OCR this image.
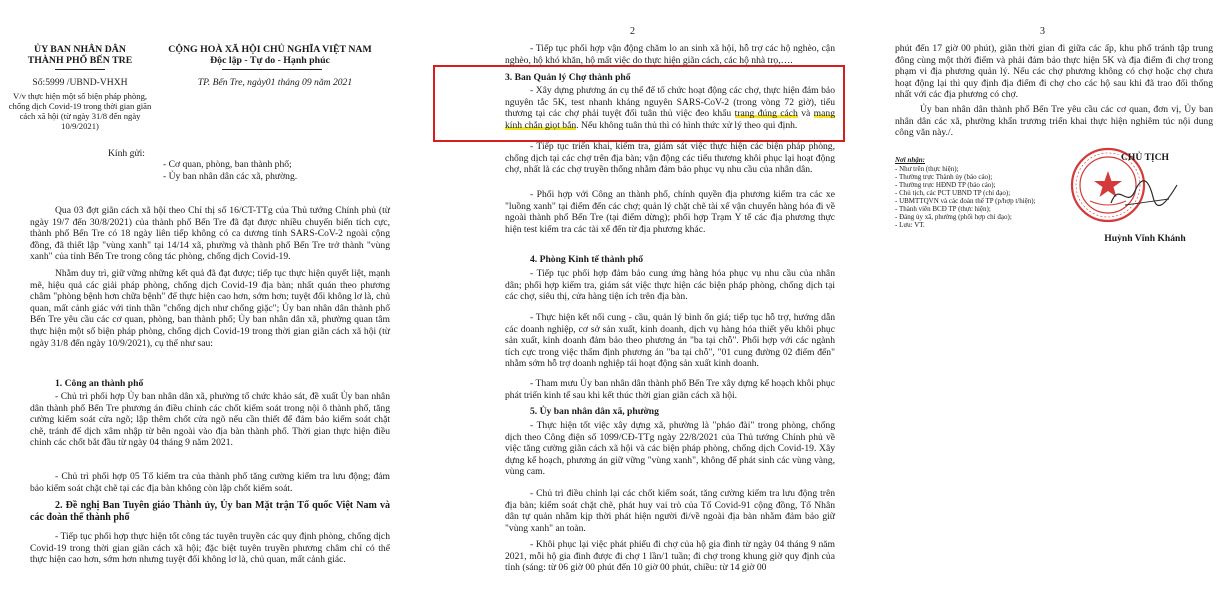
ỦY BAN NHÂN DÂN
THÀNH PHỐ BẾN TRE
CỘNG HOÀ XÃ HỘI CHỦ NGHĨA VIỆT NAM
Độc lập - Tự do - Hạnh phúc
Số:5999 /UBND-VHXH	TP. Bến Tre, ngày01 tháng 09 năm 2021
V/v thực hiện một số biện pháp phòng, chống dịch Covid-19 trong thời gian giãn cách xã hội (từ ngày 31/8 đến ngày 10/9/2021)
Kính gửi:
- Cơ quan, phòng, ban thành phố;
- Ủy ban nhân dân các xã, phường.
Qua 03 đợt giãn cách xã hội theo Chỉ thị số 16/CT-TTg của Thủ tướng Chính phủ (từ ngày 19/7 đến 30/8/2021) của thành phố Bến Tre đã đạt được nhiều chuyển biến tích cực, thành phố Bến Tre có 18 ngày liên tiếp không có ca dương tính SARS-CoV-2 ngoài cộng đồng, đã thiết lập "vùng xanh" tại 14/14 xã, phường và thành phố Bến Tre trở thành "vùng xanh" của tỉnh Bến Tre trong công tác phòng, chống dịch Covid-19.
Nhằm duy trì, giữ vững những kết quả đã đạt được; tiếp tục thực hiện quyết liệt, mạnh mẽ, hiệu quả các giải pháp phòng, chống dịch Covid-19 địa bàn; nhất quán theo phương châm "phòng bệnh hơn chữa bệnh" để thực hiện cao hơn, sớm hơn; tuyệt đối không lơ là, chủ quan, mất cảnh giác với tinh thần "chống dịch như chống giặc"; Ủy ban nhân dân thành phố Bến Tre yêu cầu các cơ quan, phòng, ban thành phố; Ủy ban nhân dân xã, phường quan tâm thực hiện một số biện pháp phòng, chống dịch Covid-19 trong thời gian giãn cách xã hội (từ ngày 31/8 đến ngày 10/9/2021), cụ thể như sau:
1. Công an thành phố
- Chủ trì phối hợp Ủy ban nhân dân xã, phường tổ chức khảo sát, đề xuất Ủy ban nhân dân thành phố Bến Tre phương án điều chỉnh các chốt kiểm soát trong nội ô thành phố, tăng cường kiểm soát cửa ngõ; lập thêm chốt cửa ngõ nếu cần thiết để đảm bảo kiểm soát chặt chẽ, tránh để dịch xâm nhập từ bên ngoài vào địa bàn thành phố. Thời gian thực hiện điều chỉnh các chốt bắt đầu từ ngày 04 tháng 9 năm 2021.
- Chủ trì phối hợp 05 Tổ kiểm tra của thành phố tăng cường kiểm tra lưu động; đảm bảo kiểm soát chặt chẽ tại các địa bàn không còn lập chốt kiểm soát.
2. Đề nghị Ban Tuyên giáo Thành ủy, Ủy ban Mặt trận Tổ quốc Việt Nam và các đoàn thể thành phố
- Tiếp tục phối hợp thực hiện tốt công tác tuyên truyền các quy định phòng, chống dịch Covid-19 trong thời gian giãn cách xã hội; đặc biệt tuyên truyền phương châm chỉ có thể thực hiện cao hơn, sớm hơn nhưng tuyệt đối không lơ là, chủ quan, mất cảnh giác.
2
- Tiếp tục phối hợp vận động chăm lo an sinh xã hội, hỗ trợ các hộ nghèo, cận nghèo, hộ khó khăn, hộ mất việc do thực hiện giãn cách, các hộ nhà trọ,….
3. Ban Quản lý Chợ thành phố
- Xây dựng phương án cụ thể để tổ chức hoạt động các chợ, thực hiện đảm bảo nguyên tắc 5K, test nhanh kháng nguyên SARS-CoV-2 (trong vòng 72 giờ), tiểu thương tại các chợ phải tuyệt đối tuân thủ việc đeo khẩu trang đúng cách và mang kính chắn giọt bắn. Nếu không tuân thủ thì có hình thức xử lý theo qui định.
- Tiếp tục triển khai, kiểm tra, giám sát việc thực hiện các biện pháp phòng, chống dịch tại các chợ trên địa bàn; vận động các tiểu thương khôi phục lại hoạt động chợ, nhất là các chợ truyền thống nhằm đảm bảo phục vụ nhu cầu của nhân dân.
- Phối hợp với Công an thành phố, chính quyền địa phương kiểm tra các xe "luồng xanh" tại điểm đến các chợ; quản lý chặt chẽ tài xế vận chuyển hàng hóa đi về ngoài thành phố Bến Tre (tại điểm dừng); phối hợp Trạm Y tế các địa phương thực hiện test kiểm tra các tài xế đến từ địa phương khác.
4. Phòng Kinh tế thành phố
- Tiếp tục phối hợp đảm bảo cung ứng hàng hóa phục vụ nhu cầu của nhân dân; phối hợp kiểm tra, giám sát việc thực hiện các biện pháp phòng, chống dịch tại các chợ, siêu thị, cửa hàng tiện ích trên địa bàn.
- Thực hiện kết nối cung - cầu, quản lý bình ổn giá; tiếp tục hỗ trợ, hướng dẫn các doanh nghiệp, cơ sở sản xuất, kinh doanh, dịch vụ hàng hóa thiết yếu khôi phục sản xuất, kinh doanh đảm bảo theo phương án "ba tại chỗ". Phối hợp với các ngành tích cực trong việc thẩm định phương án "ba tại chỗ", "01 cung đường 02 điểm đến" nhằm sớm hỗ trợ doanh nghiệp tái hoạt động sản xuất kinh doanh.
- Tham mưu Ủy ban nhân dân thành phố Bến Tre xây dựng kế hoạch khôi phục phát triển kinh tế sau khi kết thúc thời gian giãn cách xã hội.
5. Ủy ban nhân dân xã, phường
- Thực hiện tốt việc xây dựng xã, phường là "pháo đài" trong phòng, chống dịch theo Công điện số 1099/CĐ-TTg ngày 22/8/2021 của Thủ tướng Chính phủ về việc tăng cường giãn cách xã hội và các biện pháp phòng, chống dịch Covid-19. Xây dựng kế hoạch, phương án giữ vững "vùng xanh", không để phát sinh các vùng vàng, vùng cam.
- Chủ trì điều chỉnh lại các chốt kiểm soát, tăng cường kiểm tra lưu động trên địa bàn; kiểm soát chặt chẽ, phát huy vai trò của Tổ Covid-91 cộng đồng, Tổ Nhân dân tự quản nhằm kịp thời phát hiện người đi/về ngoài địa bàn nhằm đảm bảo giữ "vùng xanh" an toàn.
- Khôi phục lại việc phát phiếu đi chợ của hộ gia đình từ ngày 04 tháng 9 năm 2021, mỗi hộ gia đình được đi chợ 1 lần/1 tuần; đi chợ trong khung giờ quy định của tỉnh (sáng: từ 06 giờ 00 phút đến 10 giờ 00 phút, chiều: từ 14 giờ 00
3
phút đến 17 giờ 00 phút), giãn thời gian đi giữa các ấp, khu phố tránh tập trung đông cùng một thời điểm và phải đảm bảo thực hiện 5K và địa điểm đi chợ trong phạm vi địa phương quản lý. Nếu các chợ phương không có chợ hoặc chợ chưa hoạt động lại thì quy định địa điểm đi chợ cho các hộ sau khi đã trao đổi thống nhất với các địa phương có chợ.
Ủy ban nhân dân thành phố Bến Tre yêu cầu các cơ quan, đơn vị, Ủy ban nhân dân các xã, phường khẩn trương triển khai thực hiện nghiêm túc nội dung công văn này./.
Nơi nhận:
- Như trên (thực hiện);
- Thường trực Thành ủy (báo cáo);
- Thường trực HĐND TP (báo cáo);
- Chủ tịch, các PCT UBND TP (chỉ đạo);
- UBMTTQVN và các đoàn thể TP (p/hợp t/hiện);
- Thành viên BCĐ TP (thực hiện);
- Đảng ủy xã, phường (phối hợp chỉ đạo);
- Lưu: VT.
CHỦ TỊCH
Huỳnh Vĩnh Khánh
